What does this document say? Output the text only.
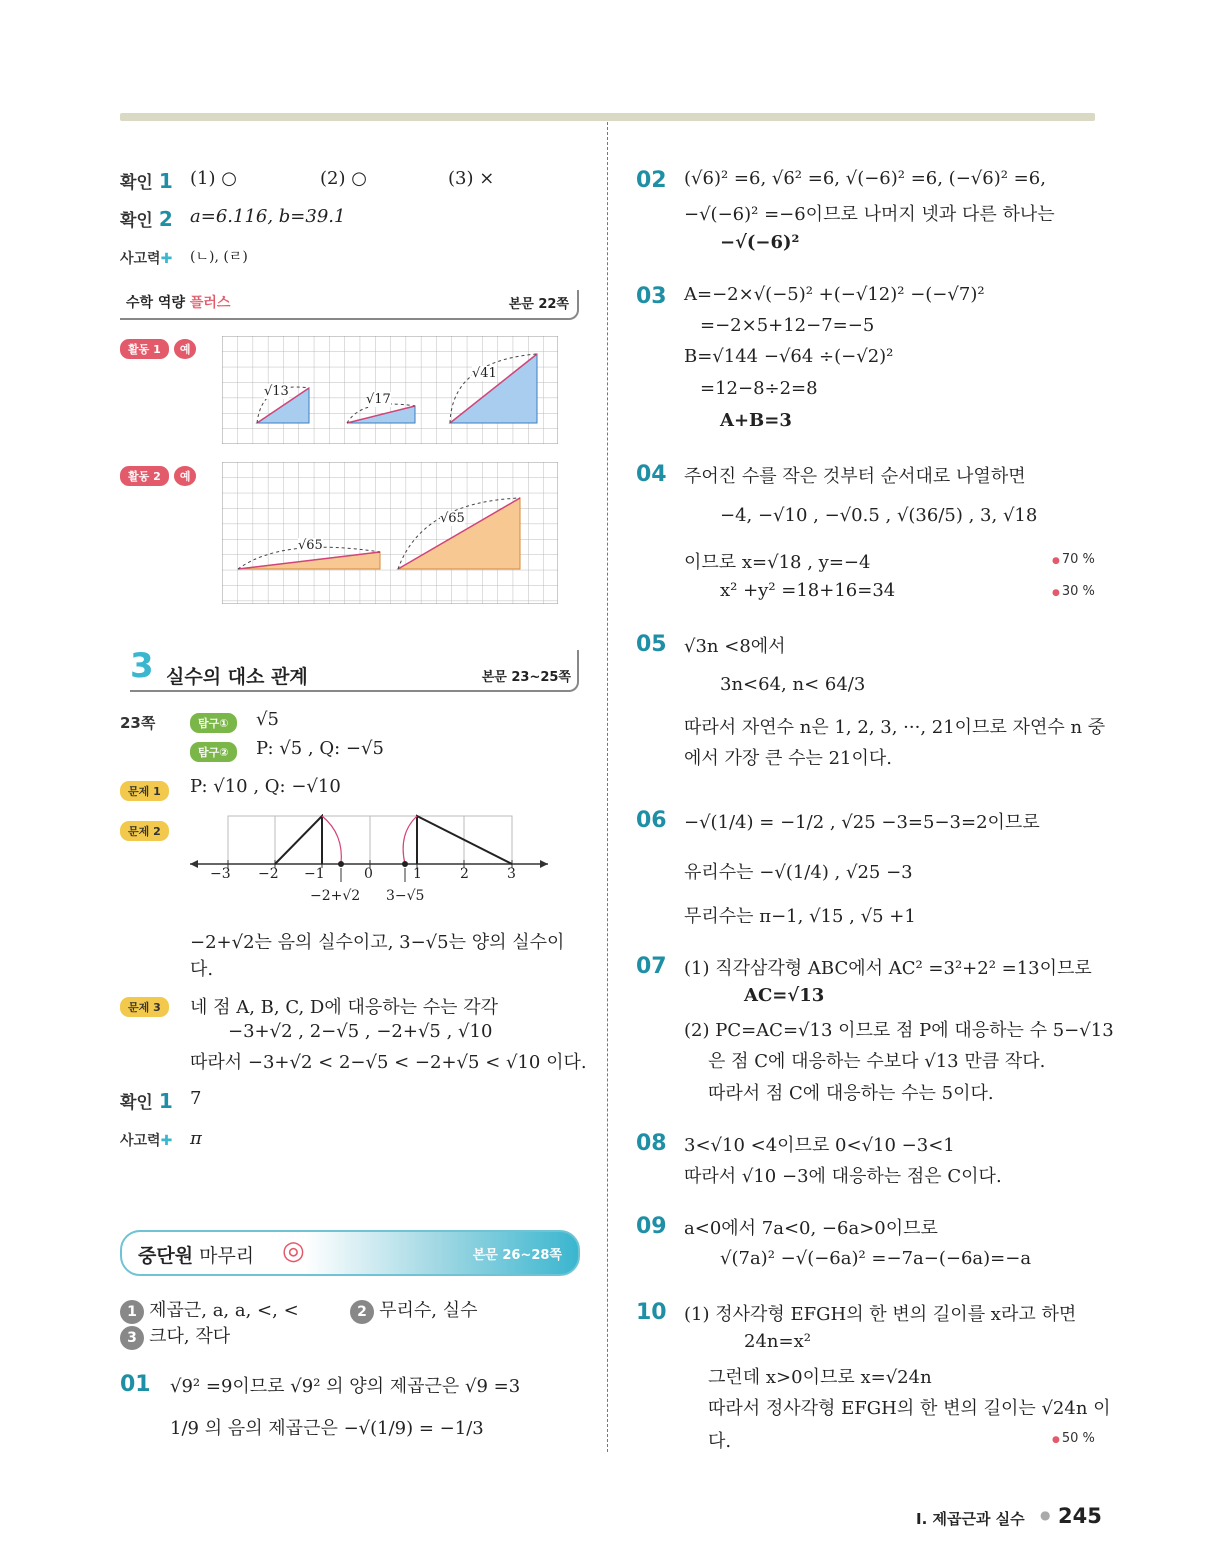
확인 1 (1) ○	(2) ○	(3) ×
확인 2 a=6.116, b=39.1
사고력✚ (ㄴ), (ㄹ)
수학 역량 플러스	본문 22쪽
활동 1 예
√13
√17
√41
활동 2 예
√65
√65
3 실수의 대소 관계	본문 23~25쪽
23쪽	탐구①	√5
탐구②	P: √5 , Q: −√5
문제 1	P: √10 , Q: −√10
문제 2
−3 −2 −1	0	1	2	3
−2+√2 3−√5
−2+√2는 음의 실수이고, 3−√5는 양의 실수이
다.
문제 3	네 점 A, B, C, D에 대응하는 수는 각각
−3+√2 , 2−√5 , −2+√5 , √10
따라서 −3+√2 < 2−√5 < −2+√5 < √10 이다.
확인 1 7
사고력✚ π
중단원 마무리 ◎	본문 26~28쪽
1 제곱근, a, a, <, <	2 무리수, 실수
3 크다, 작다
01 √9² =9이므로 √9² 의 양의 제곱근은 √9 =3
1/9 의 음의 제곱근은 −√(1/9) = −1/3
02 (√6)² =6, √6² =6, √(−6)² =6, (−√6)² =6,
−√(−6)² =−6이므로 나머지 넷과 다른 하나는
−√(−6)²
03 A=−2×√(−5)² +(−√12)² −(−√7)²
=−2×5+12−7=−5
B=√144 −√64 ÷(−√2)²
=12−8÷2=8
A+B=3
04 주어진 수를 작은 것부터 순서대로 나열하면
−4, −√10 , −√0.5 , √(36/5) , 3, √18
이므로 x=√18 , y=−4	● 70 %
x² +y² =18+16=34	● 30 %
05 √3n <8에서
3n<64, n< 64/3
따라서 자연수 n은 1, 2, 3, ···, 21이므로 자연수 n 중
에서 가장 큰 수는 21이다.
06 −√(1/4) = −1/2 , √25 −3=5−3=2이므로
유리수는 −√(1/4) , √25 −3
무리수는 π−1, √15 , √5 +1
07 (1) 직각삼각형 ABC에서 AC² =3²+2² =13이므로
AC=√13
(2) PC=AC=√13 이므로 점 P에 대응하는 수 5−√13
은 점 C에 대응하는 수보다 √13 만큼 작다.
따라서 점 C에 대응하는 수는 5이다.
08 3<√10 <4이므로 0<√10 −3<1
따라서 √10 −3에 대응하는 점은 C이다.
09 a<0에서 7a<0, −6a>0이므로
√(7a)² −√(−6a)² =−7a−(−6a)=−a
10 (1) 정사각형 EFGH의 한 변의 길이를 x라고 하면
24n=x²
그런데 x>0이므로 x=√24n
따라서 정사각형 EFGH의 한 변의 길이는 √24n 이
다.	● 50 %
Ⅰ. 제곱근과 실수 ● 245
